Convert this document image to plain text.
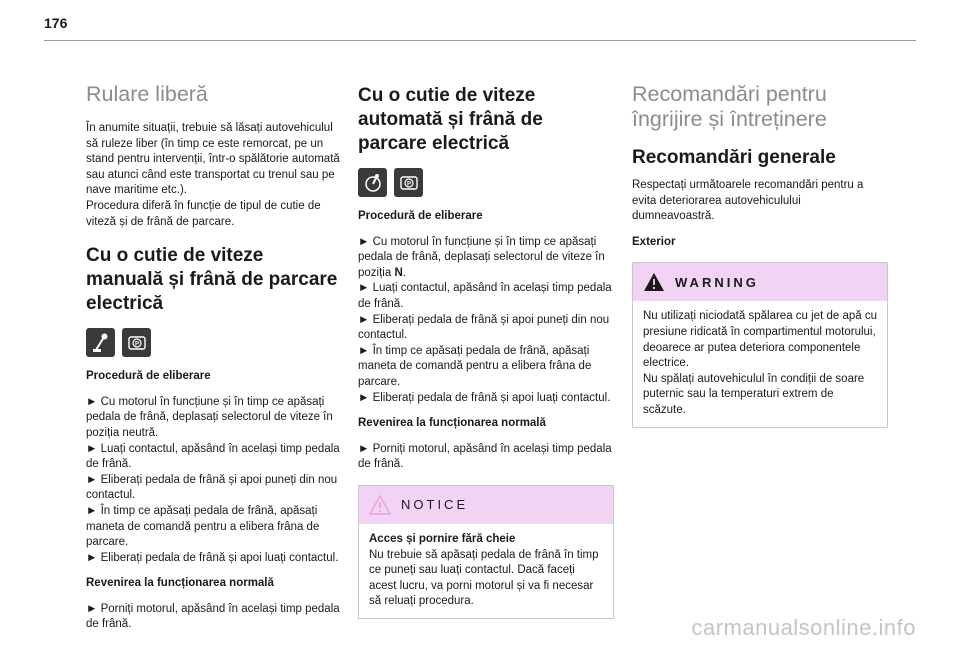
176
Rulare liberă

În anumite situații, trebuie să lăsați autovehiculul să ruleze liber (în timp ce este remorcat, pe un stand pentru intervenții, într-o spălătorie automată sau atunci când este transportat cu trenul sau pe nave maritime etc.).
Procedura diferă în funcție de tipul de cutie de viteză și de frână de parcare.

Cu o cutie de viteze manuală și frână de parcare electrică
P
Procedură de eliberare

► Cu motorul în funcțiune și în timp ce apăsați pedala de frână, deplasați selectorul de viteze în poziția neutră.
► Luați contactul, apăsând în același timp pedala de frână.
► Eliberați pedala de frână și apoi puneți din nou contactul.
► În timp ce apăsați pedala de frână, apăsați maneta de comandă pentru a elibera frâna de parcare.
► Eliberați pedala de frână și apoi luați contactul.

Revenirea la funcționarea normală

► Porniți motorul, apăsând în același timp pedala de frână.

Cu o cutie de viteze automată și frână de parcare electrică
P
Procedură de eliberare

► Cu motorul în funcțiune și în timp ce apăsați pedala de frână, deplasați selectorul de viteze în poziția N.
► Luați contactul, apăsând în același timp pedala de frână.
► Eliberați pedala de frână și apoi puneți din nou contactul.
► În timp ce apăsați pedala de frână, apăsați maneta de comandă pentru a elibera frâna de parcare.
► Eliberați pedala de frână și apoi luați contactul.

Revenirea la funcționarea normală

► Porniți motorul, apăsând în același timp pedala de frână.

NOTICE
Acces și pornire fără cheie

Nu trebuie să apăsați pedala de frână în timp ce puneți sau luați contactul. Dacă faceți acest lucru, va porni motorul și va fi necesar să reluați procedura.

Recomandări pentru îngrijire și întreținere
Recomandări generale

Respectați următoarele recomandări pentru a evita deteriorarea autovehiculului dumneavoastră.

Exterior
WARNING

Nu utilizați niciodată spălarea cu jet de apă cu presiune ridicată în compartimentul motorului, deoarece ar putea deteriora componentele electrice.
Nu spălați autovehiculul în condiții de soare puternic sau la temperaturi extrem de scăzute.

carmanualsonline.info
